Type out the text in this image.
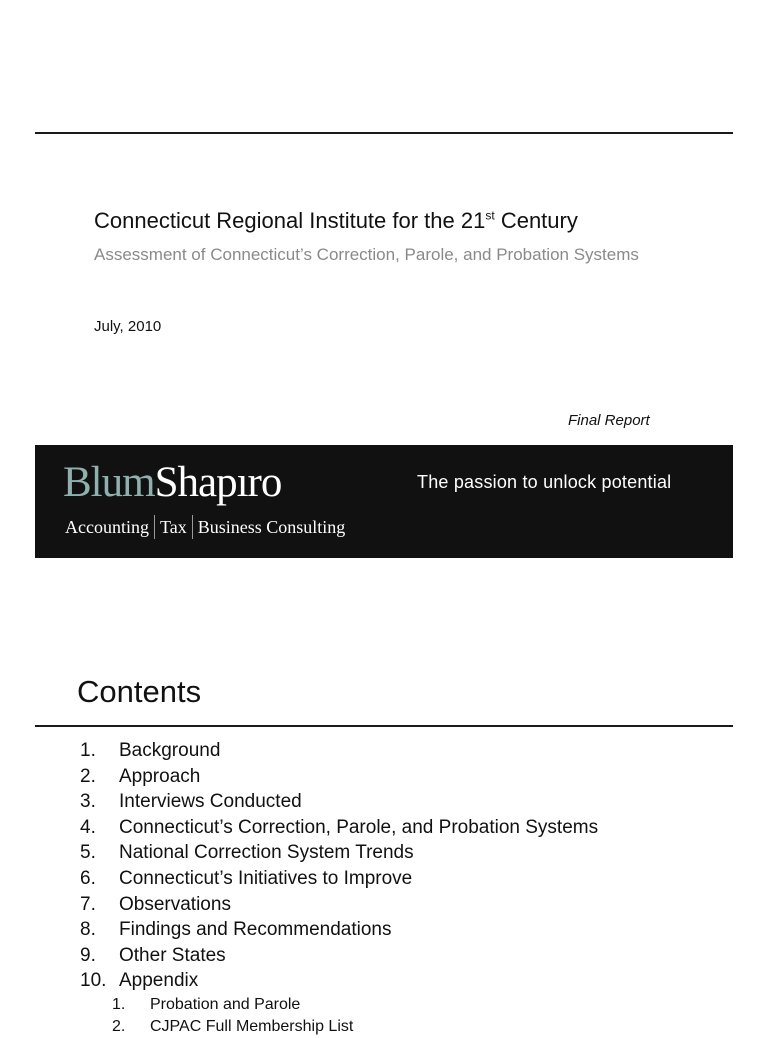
Connecticut Regional Institute for the 21st Century
Assessment of Connecticut’s Correction, Parole, and Probation Systems
July, 2010
Final Report
BlumShapıro
Accounting Tax Business Consulting
The passion to unlock potential
Contents
1.	Background
2.	Approach
3.	Interviews Conducted
4.	Connecticut’s Correction, Parole, and Probation Systems
5.	National Correction System Trends
6.	Connecticut’s Initiatives to Improve
7.	Observations
8.	Findings and Recommendations
9.	Other States
10. Appendix
1.	Probation and Parole
2.	CJPAC Full Membership List
